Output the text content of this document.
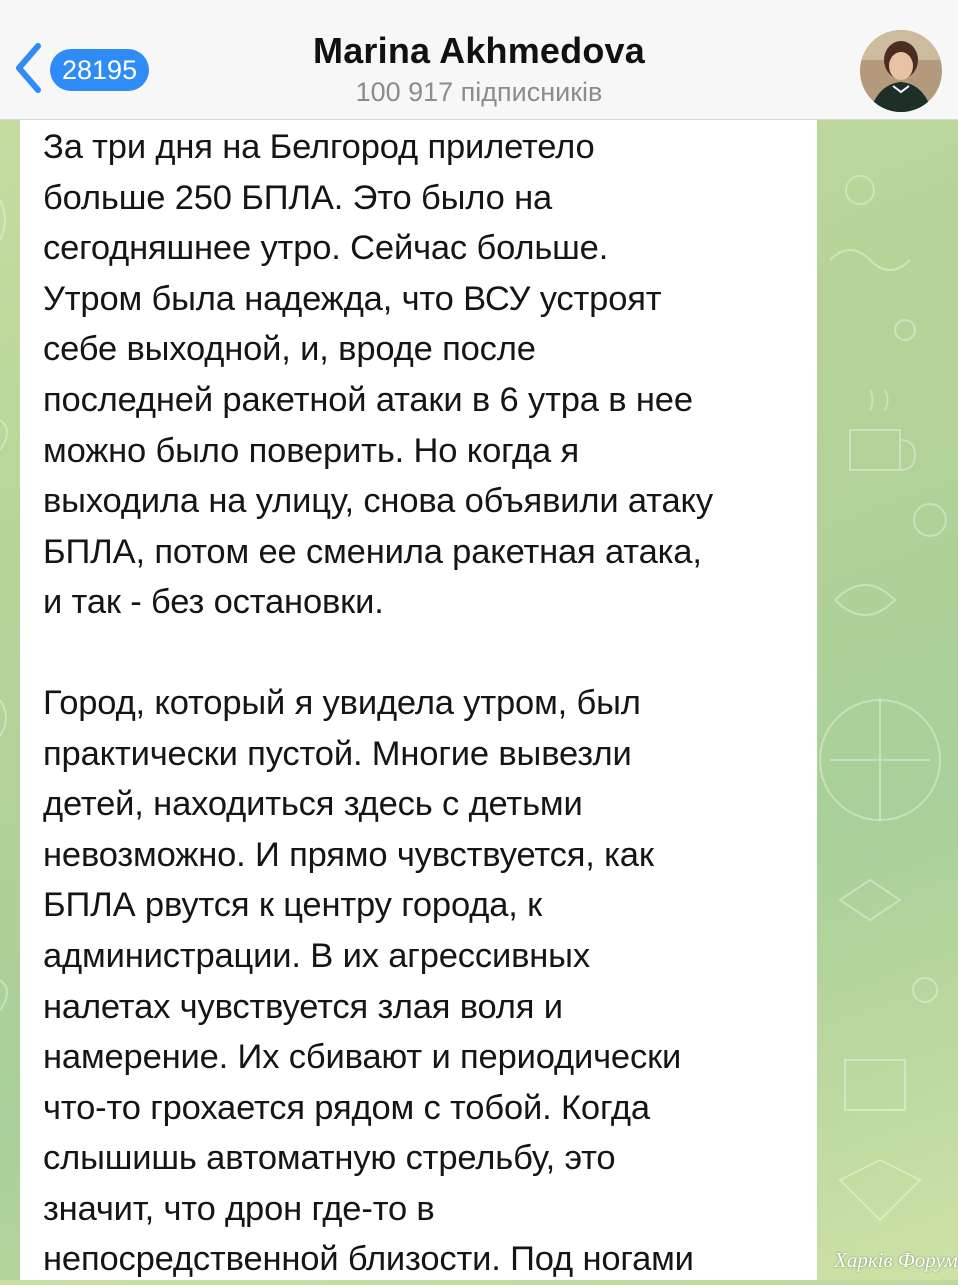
28195	Marina Akhmedova
100 917 підписників

За три дня на Белгород прилетело
больше 250 БПЛА. Это было на
сегодняшнее утро. Сейчас больше.
Утром была надежда, что ВСУ устроят
себе выходной, и, вроде после
последней ракетной атаки в 6 утра в нее
можно было поверить. Но когда я
выходила на улицу, снова объявили атаку
БПЛА, потом ее сменила ракетная атака,
и так - без остановки.

Город, который я увидела утром, был
практически пустой. Многие вывезли
детей, находиться здесь с детьми
невозможно. И прямо чувствуется, как
БПЛА рвутся к центру города, к
администрации. В их агрессивных
налетах чувствуется злая воля и
намерение. Их сбивают и периодически
что-то грохается рядом с тобой. Когда
слышишь автоматную стрельбу, это
значит, что дрон где-то в
непосредственной близости. Под ногами	Харків Форум
